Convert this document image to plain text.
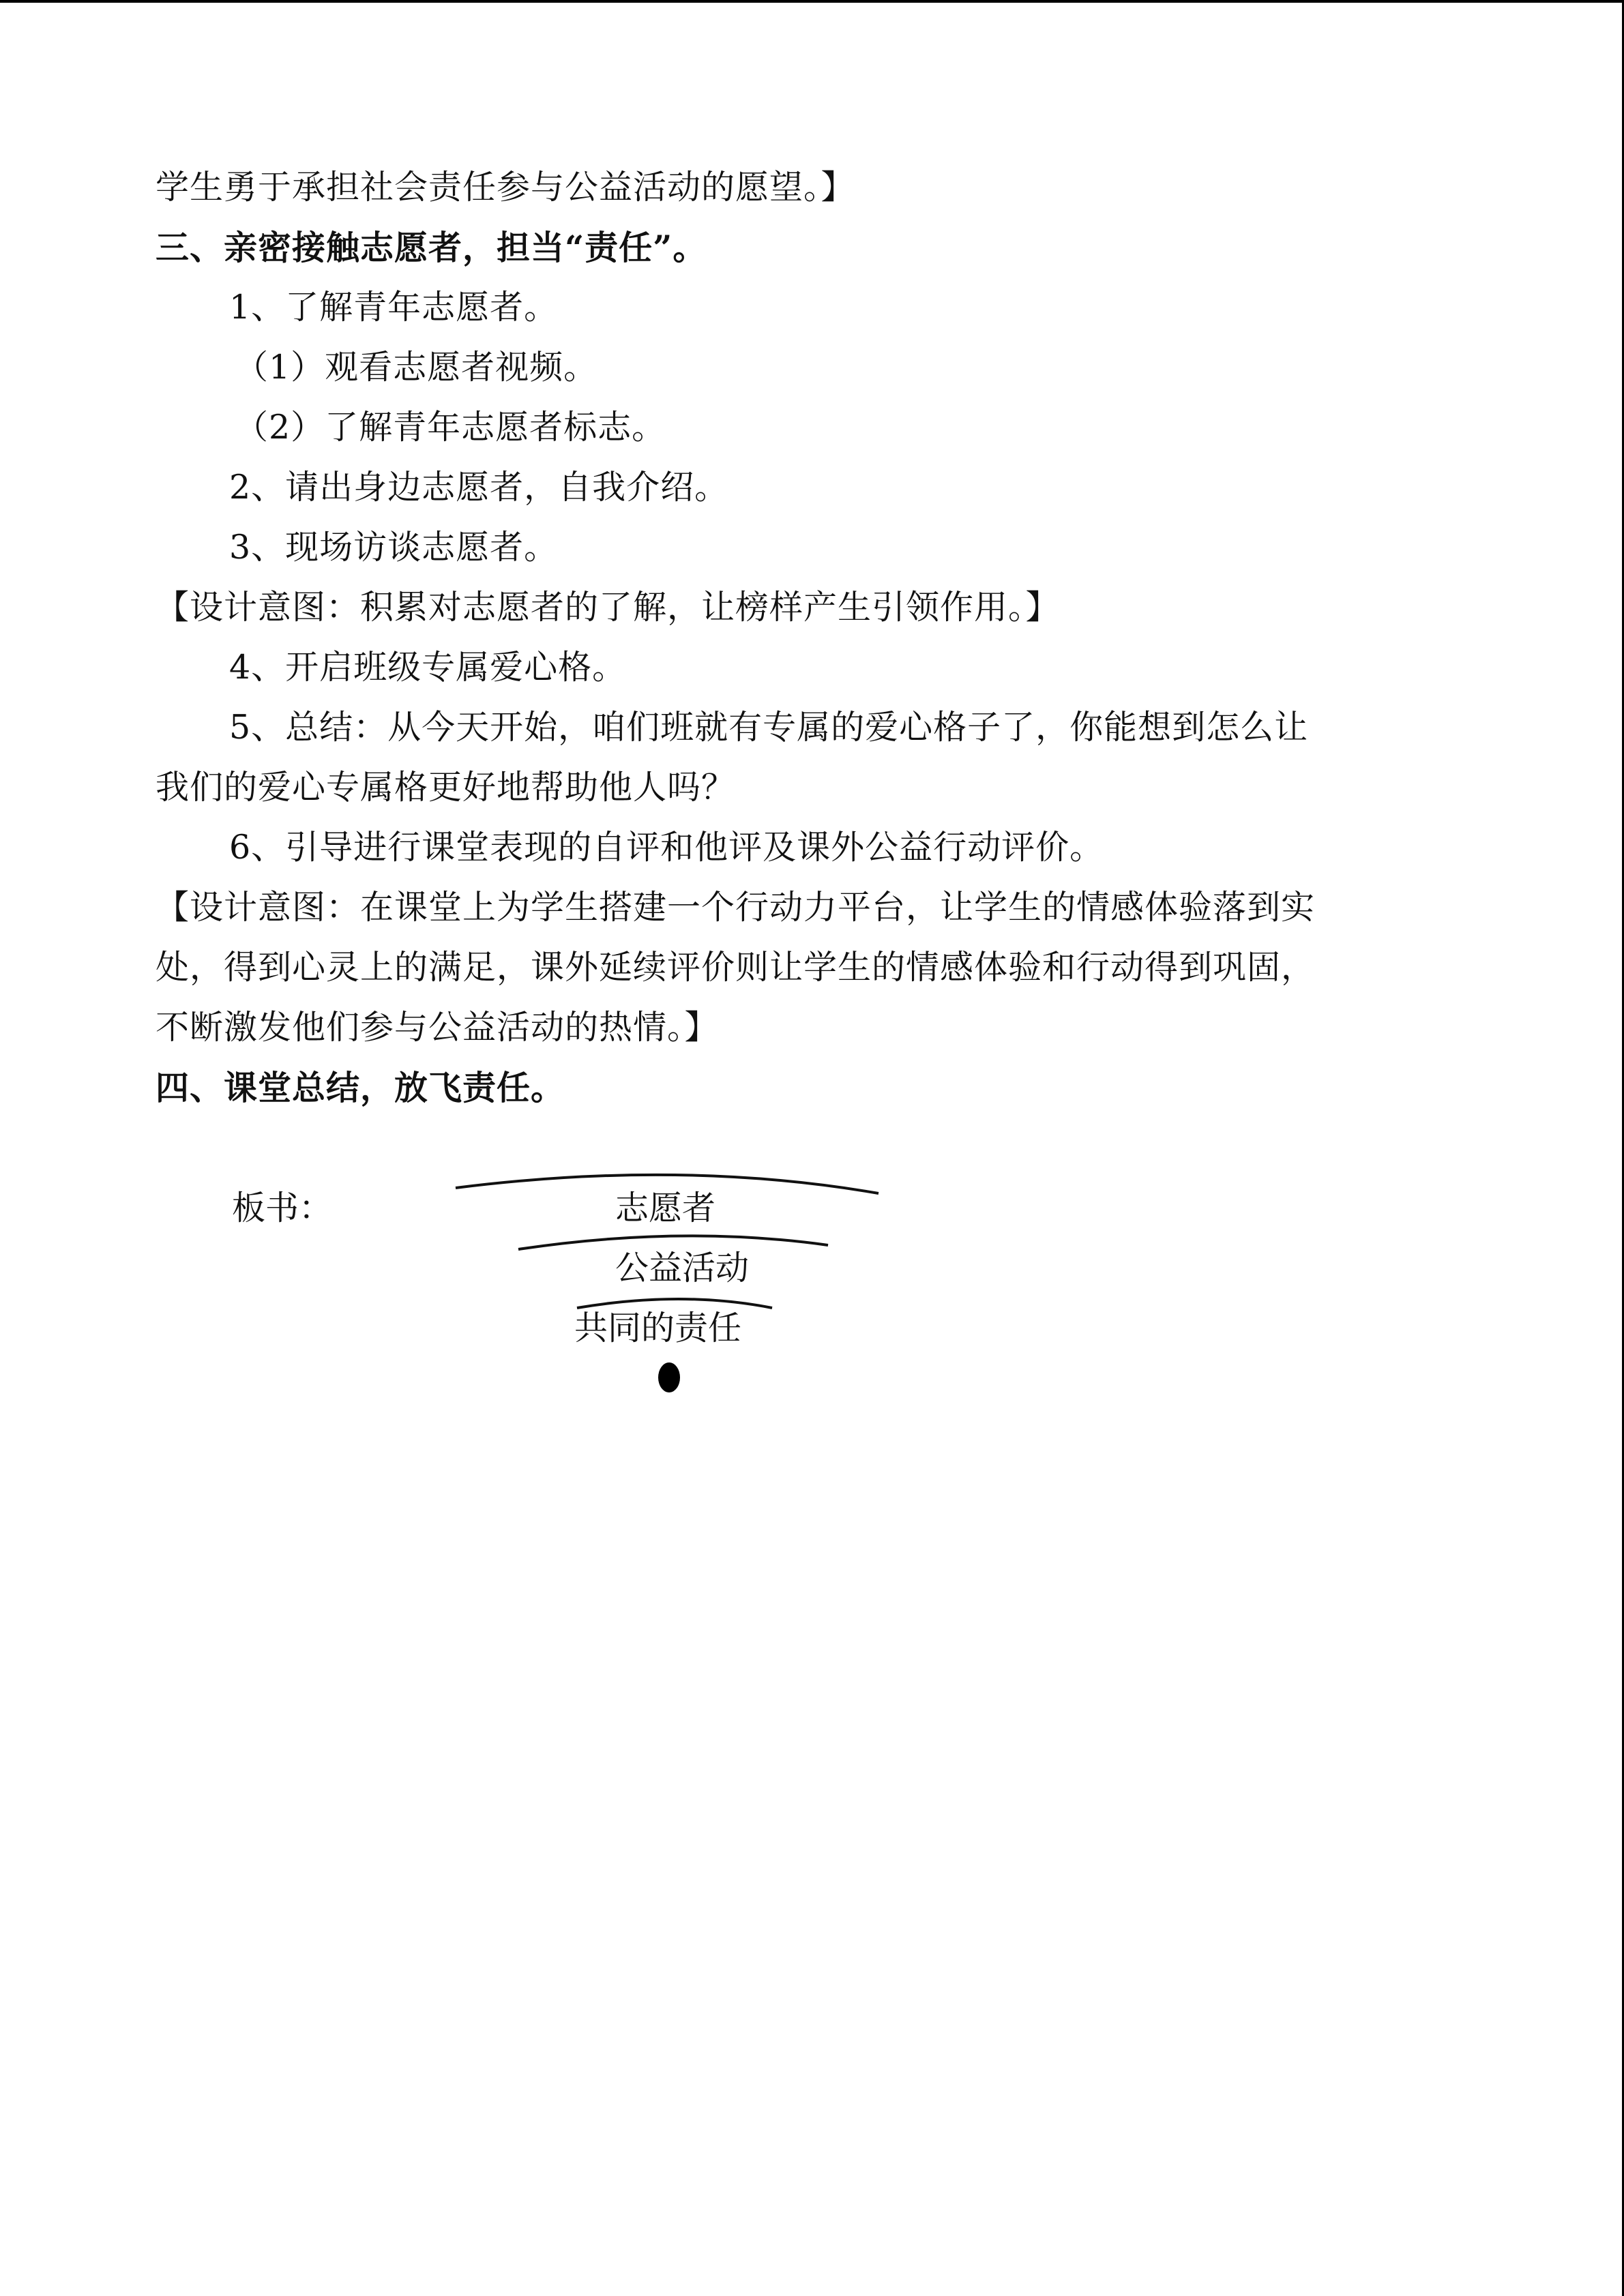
学生勇于承担社会责任参与公益活动的愿望。】
三、亲密接触志愿者，担当“责任”。
1、了解青年志愿者。
（1）观看志愿者视频。
（2）了解青年志愿者标志。
2、请出身边志愿者，自我介绍。
3、现场访谈志愿者。
【设计意图：积累对志愿者的了解，让榜样产生引领作用。】
4、开启班级专属爱心格。
5、总结：从今天开始，咱们班就有专属的爱心格子了，你能想到怎么让
我们的爱心专属格更好地帮助他人吗？
6、引导进行课堂表现的自评和他评及课外公益行动评价。
【设计意图：在课堂上为学生搭建一个行动力平台，让学生的情感体验落到实
处，得到心灵上的满足，课外延续评价则让学生的情感体验和行动得到巩固，
不断激发他们参与公益活动的热情。】
四、课堂总结，放飞责任。
板书：	志愿者
公益活动
共同的责任
